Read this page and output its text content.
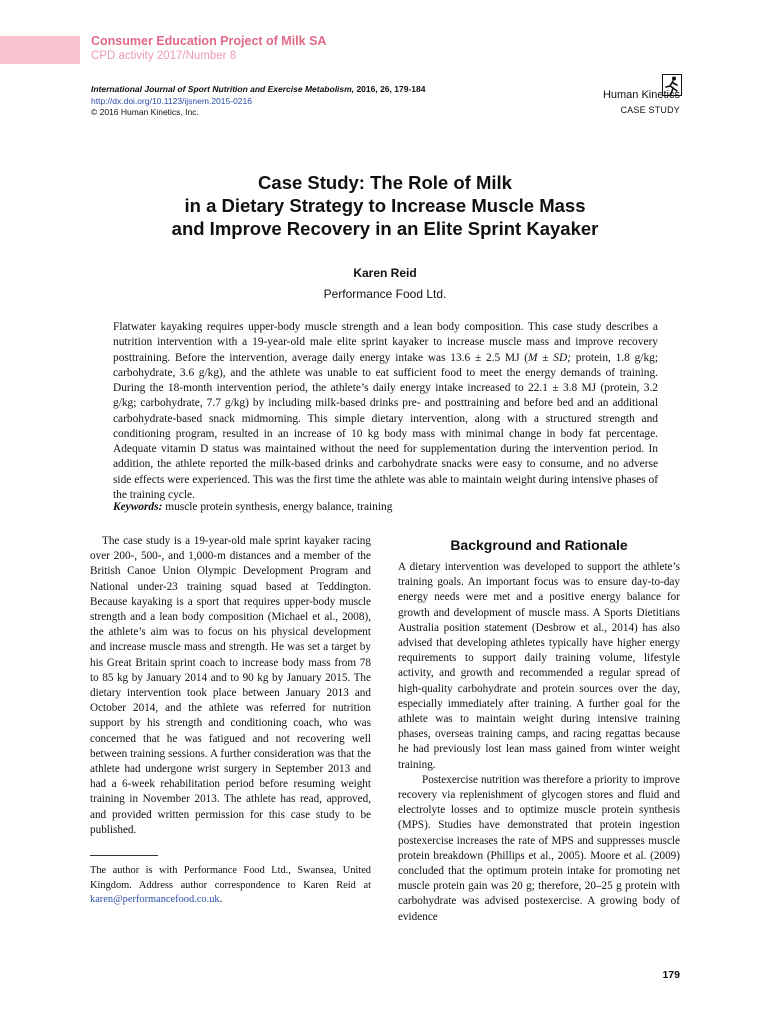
Consumer Education Project of Milk SA
CPD activity 2017/Number 8
International Journal of Sport Nutrition and Exercise Metabolism, 2016, 26, 179-184
http://dx.doi.org/10.1123/ijsnem.2015-0216
© 2016 Human Kinetics, Inc.
Human Kinetics
CASE STUDY
Case Study: The Role of Milk
in a Dietary Strategy to Increase Muscle Mass
and Improve Recovery in an Elite Sprint Kayaker
Karen Reid
Performance Food Ltd.
Flatwater kayaking requires upper-body muscle strength and a lean body composition. This case study describes a nutrition intervention with a 19-year-old male elite sprint kayaker to increase muscle mass and improve recovery posttraining. Before the intervention, average daily energy intake was 13.6 ± 2.5 MJ (M ± SD; protein, 1.8 g/kg; carbohydrate, 3.6 g/kg), and the athlete was unable to eat sufficient food to meet the energy demands of training. During the 18-month intervention period, the athlete’s daily energy intake increased to 22.1 ± 3.8 MJ (protein, 3.2 g/kg; carbohydrate, 7.7 g/kg) by including milk-based drinks pre- and posttraining and before bed and an additional carbohydrate-based snack midmorning. This simple dietary intervention, along with a structured strength and conditioning program, resulted in an increase of 10 kg body mass with minimal change in body fat percentage. Adequate vitamin D status was maintained without the need for supplementation during the intervention period. In addition, the athlete reported the milk-based drinks and carbohydrate snacks were easy to consume, and no adverse side effects were experienced. This was the first time the athlete was able to maintain weight during intensive phases of the training cycle.
Keywords: muscle protein synthesis, energy balance, training

The case study is a 19-year-old male sprint kayaker racing over 200-, 500-, and 1,000-m distances and a member of the British Canoe Union Olympic Development Program and National under-23 training squad based at Teddington. Because kayaking is a sport that requires upper-body muscle strength and a lean body composition (Michael et al., 2008), the athlete’s aim was to focus on his physical development and increase muscle mass and strength. He was set a target by his Great Britain sprint coach to increase body mass from 78 to 85 kg by January 2014 and to 90 kg by January 2015. The dietary intervention took place between January 2013 and October 2014, and the athlete was referred for nutrition support by his strength and conditioning coach, who was concerned that he was fatigued and not recovering well between training sessions. A further consideration was that the athlete had undergone wrist surgery in September 2013 and had a 6-week rehabilitation period before resuming weight training in November 2013. The athlete has read, approved, and provided written permission for this case study to be published.

The author is with Performance Food Ltd., Swansea, United Kingdom. Address author correspondence to Karen Reid at karen@performancefood.co.uk.
Background and Rationale

A dietary intervention was developed to support the athlete’s training goals. An important focus was to ensure day-to-day energy needs were met and a positive energy balance for growth and development of muscle mass. A Sports Dietitians Australia position statement (Desbrow et al., 2014) has also advised that developing athletes typically have higher energy requirements to support daily training volume, lifestyle activity, and growth and recommended a regular spread of high-quality carbohydrate and protein sources over the day, especially immediately after training. A further goal for the athlete was to maintain weight during intensive training phases, overseas training camps, and racing regattas because he had previously lost lean mass gained from winter weight training.

Postexercise nutrition was therefore a priority to improve recovery via replenishment of glycogen stores and fluid and electrolyte losses and to optimize muscle protein synthesis (MPS). Studies have demonstrated that protein ingestion postexercise increases the rate of MPS and suppresses muscle protein breakdown (Phillips et al., 2005). Moore et al. (2009) concluded that the optimum protein intake for promoting net muscle protein gain was 20 g; therefore, 20–25 g protein with carbohydrate was advised postexercise. A growing body of evidence

179
